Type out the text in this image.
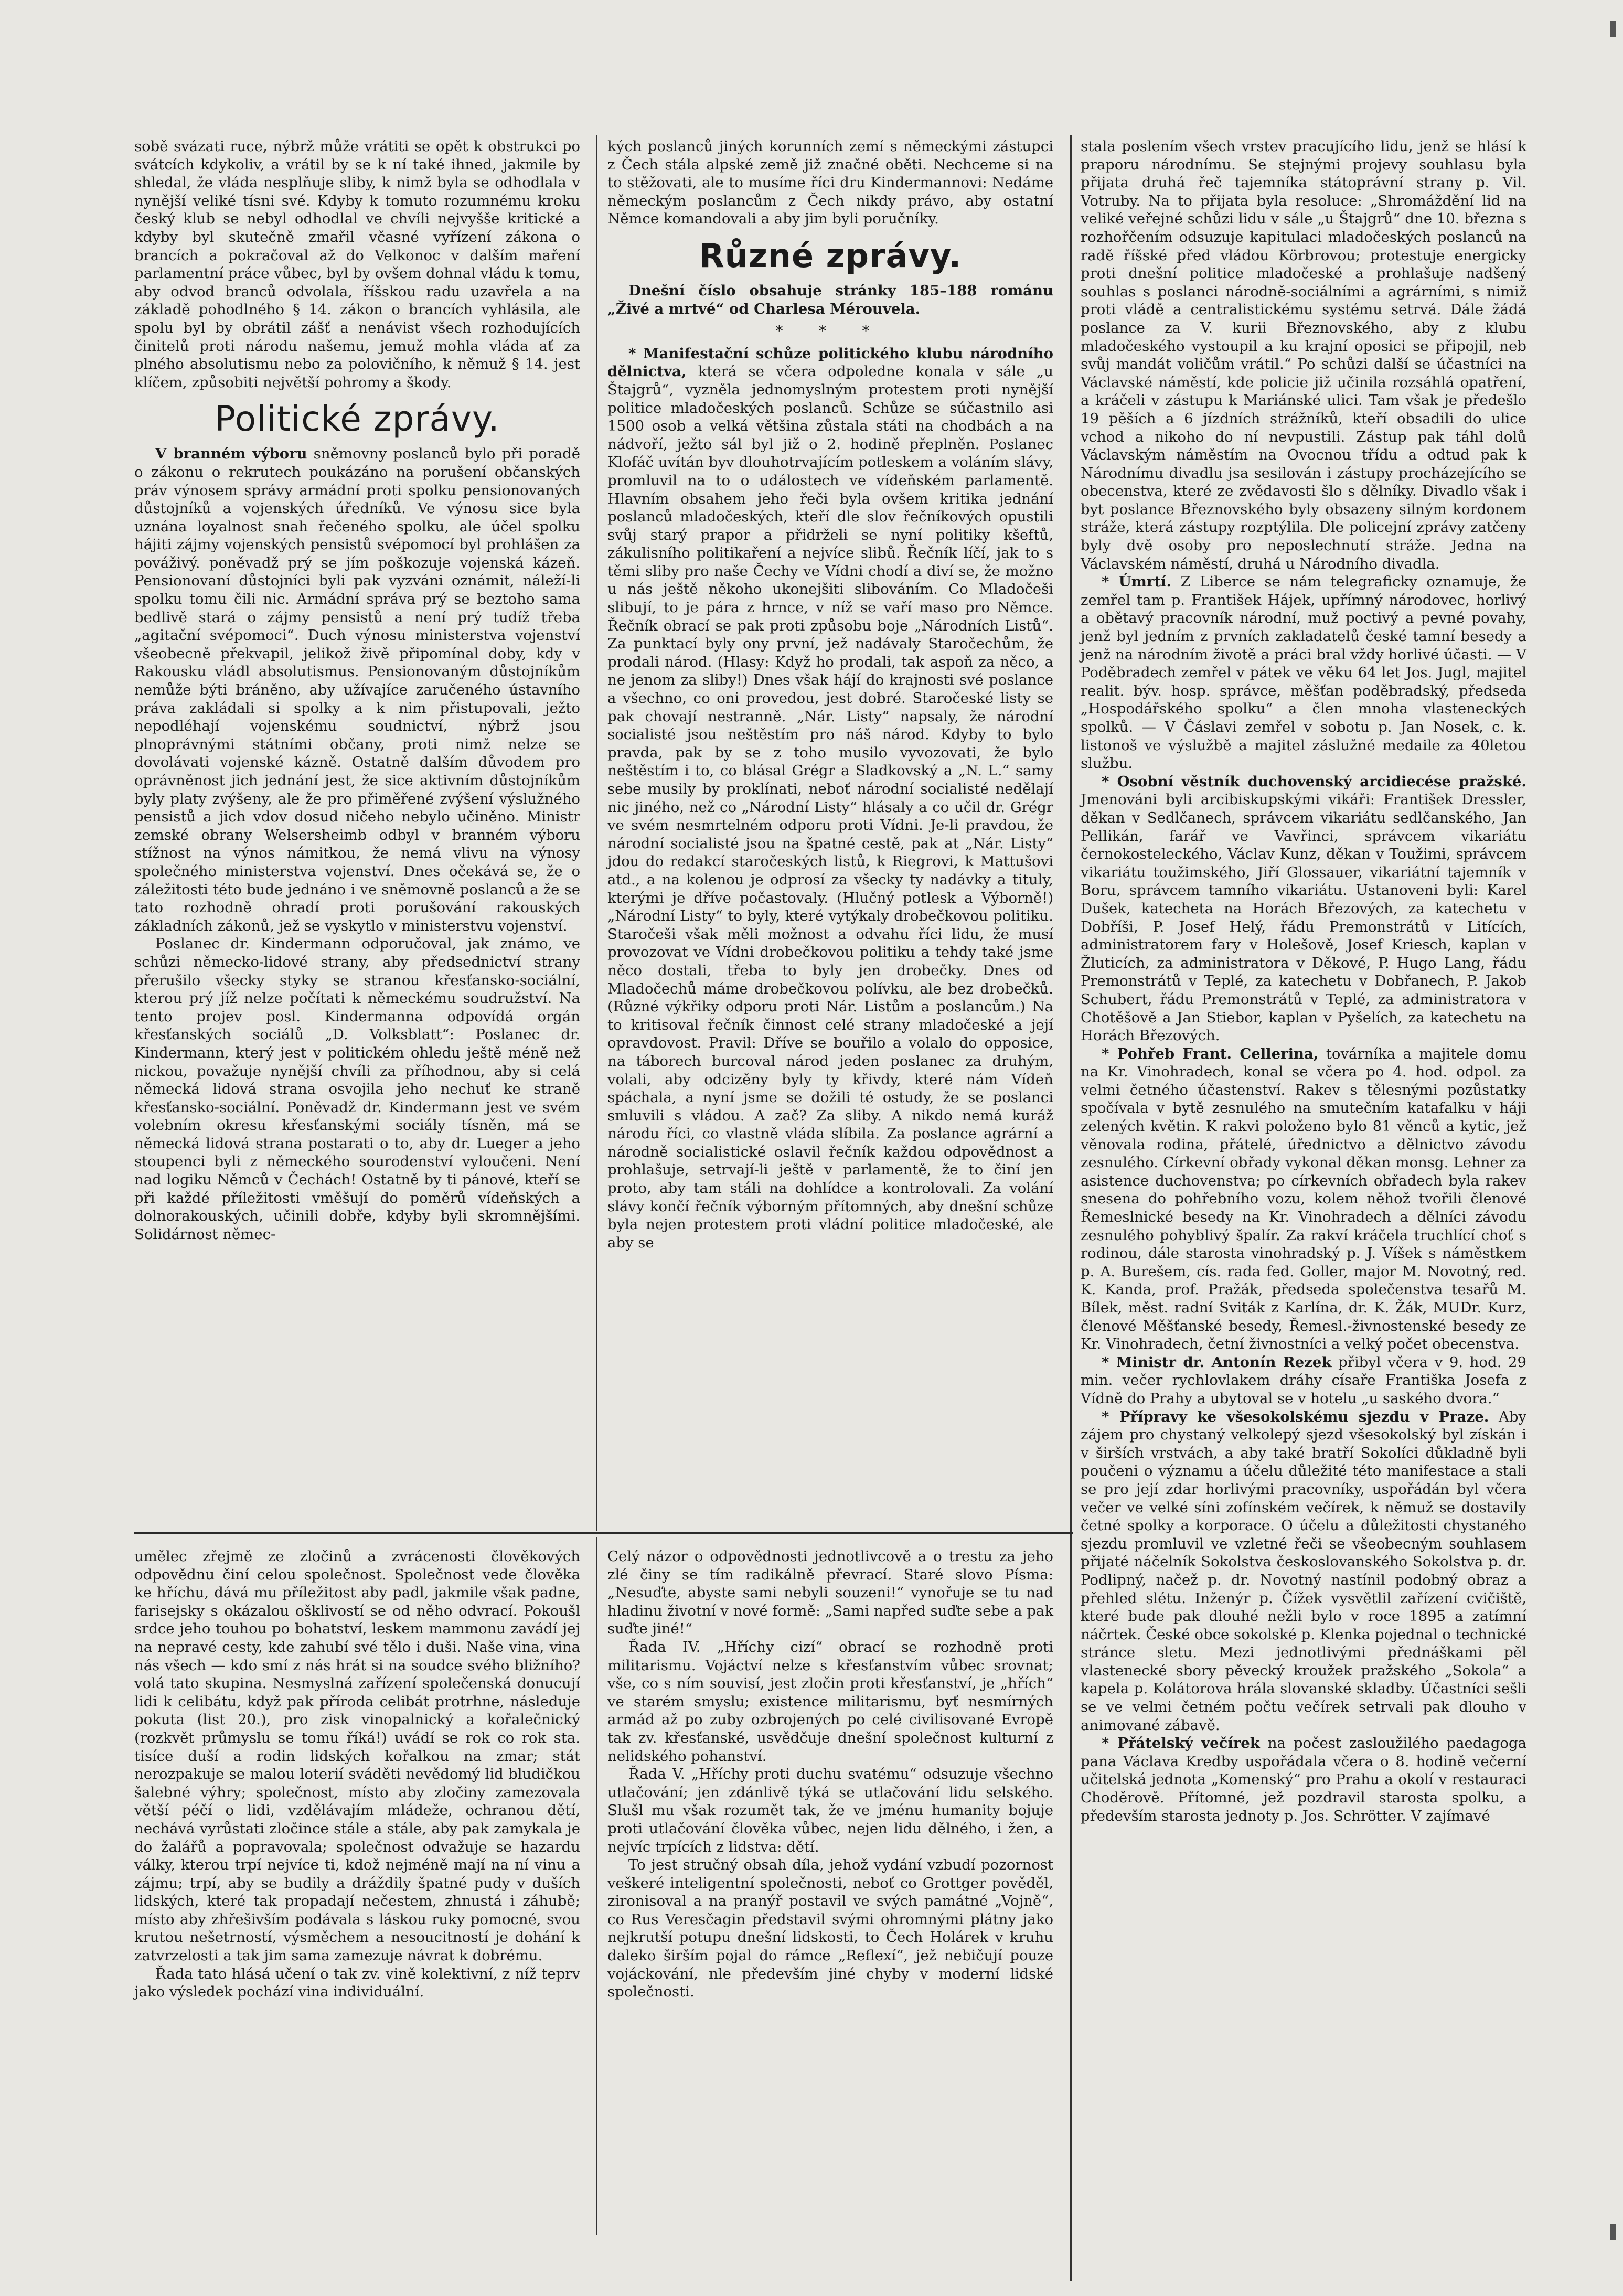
sobě svázati ruce, nýbrž může vrátiti se opět k obstrukci po svátcích kdykoliv, a vrátil by se k ní také ihned, jakmile by shledal, že vláda nesplňuje sliby, k nimž byla se odhodlala v nynější veliké tísni své. Kdyby k tomuto rozumnému kroku český klub se nebyl odhodlal ve chvíli nejvyšše kritické a kdyby byl skutečně zmařil včasné vyřízení zákona o brancích a pokračoval až do Velkonoc v dalším maření parlamentní práce vůbec, byl by ovšem dohnal vládu k tomu, aby odvod branců odvolala, říšskou radu uzavřela a na základě pohodlného § 14. zákon o brancích vyhlásila, ale spolu byl by obrátil zášť a nenávist všech rozhodujících činitelů proti národu našemu, jemuž mohla vláda ať za plného absolutismu nebo za polovičního, k němuž § 14. jest klíčem, způsobiti největší pohromy a škody.

Politické zprávy.

V branném výboru sněmovny poslanců bylo při poradě o zákonu o rekrutech poukázáno na porušení občanských práv výnosem správy armádní proti spolku pensionovaných důstojníků a vojenských úředníků. Ve výnosu sice byla uznána loyalnost snah řečeného spolku, ale účel spolku hájiti zájmy vojenských pensistů svépomocí byl prohlášen za pováživý. poněvadž prý se jím poškozuje vojenská kázeň. Pensionovaní důstojníci byli pak vyzváni oznámit, náleží-li spolku tomu čili nic. Armádní správa prý se beztoho sama bedlivě stará o zájmy pensistů a není prý tudíž třeba „agitační svépomoci“. Duch výnosu ministerstva vojenství všeobecně překvapil, jelikož živě připomínal doby, kdy v Rakousku vládl absolutismus. Pensionovaným důstojníkům nemůže býti bráněno, aby užívajíce zaručeného ústavního práva zakládali si spolky a k nim přistupovali, ježto nepodléhají vojenskému soudnictví, nýbrž jsou plnoprávnými státními občany, proti nimž nelze se dovolávati vojenské kázně. Ostatně dalším důvodem pro oprávněnost jich jednání jest, že sice aktivním důstojníkům byly platy zvýšeny, ale že pro přiměřené zvýšení výslužného pensistů a jich vdov dosud ničeho nebylo učiněno. Ministr zemské obrany Welsersheimb odbyl v branném výboru stížnost na výnos námitkou, že nemá vlivu na výnosy společného ministerstva vojenství. Dnes očekává se, že o záležitosti této bude jednáno i ve sněmovně poslanců a že se tato rozhodně ohradí proti porušování rakouských základních zákonů, jež se vyskytlo v ministerstvu vojenství.

Poslanec dr. Kindermann odporučoval, jak známo, ve schůzi německo-lidové strany, aby předsednictví strany přerušilo všecky styky se stranou křesťansko-sociální, kterou prý jíž nelze počítati k německému soudružství. Na tento projev posl. Kindermanna odpovídá orgán křesťanských sociálů „D. Volksblatt“: Poslanec dr. Kindermann, který jest v politickém ohledu ještě méně než nickou, považuje nynější chvíli za příhodnou, aby si celá německá lidová strana osvojila jeho nechuť ke straně křesťansko-sociální. Poněvadž dr. Kindermann jest ve svém volebním okresu křesťanskými sociály tísněn, má se německá lidová strana postarati o to, aby dr. Lueger a jeho stoupenci byli z německého sourodenství vyloučeni. Není nad logiku Němců v Čechách! Ostatně by ti pánové, kteří se při každé příležitosti vměšují do poměrů vídeňských a dolnorakouských, učinili dobře, kdyby byli skromnějšími. Solidárnost němec-

kých poslanců jiných korunních zemí s německými zástupci z Čech stála alpské země již značné oběti. Nechceme si na to stěžovati, ale to musíme říci dru Kindermannovi: Nedáme německým poslancům z Čech nikdy právo, aby ostatní Němce komandovali a aby jim byli poručníky.

Různé zprávy.

Dnešní číslo obsahuje stránky 185–188 románu „Živé a mrtvé“ od Charlesa Mérouvela.

* * *

* Manifestační schůze politického klubu národního dělnictva, která se včera odpoledne konala v sále „u Štajgrů“, vyzněla jednomyslným protestem proti nynější politice mladočeských poslanců. Schůze se súčastnilo asi 1500 osob a velká většina zůstala státi na chodbách a na nádvoří, ježto sál byl již o 2. hodině přeplněn. Poslanec Klofáč uvítán byv dlouhotrvajícím potleskem a voláním slávy, promluvil na to o událostech ve vídeňském parlamentě. Hlavním obsahem jeho řeči byla ovšem kritika jednání poslanců mladočeských, kteří dle slov řečníkových opustili svůj starý prapor a přidrželi se nyní politiky kšeftů, zákulisního politikaření a nejvíce slibů. Řečník líčí, jak to s těmi sliby pro naše Čechy ve Vídni chodí a diví se, že možno u nás ještě někoho ukonejšiti slibováním. Co Mladočeši slibují, to je pára z hrnce, v níž se vaří maso pro Němce. Řečník obrací se pak proti způsobu boje „Národních Listů“. Za punktací byly ony první, jež nadávaly Staročechům, že prodali národ. (Hlasy: Když ho prodali, tak aspoň za něco, a ne jenom za sliby!) Dnes však hájí do krajnosti své poslance a všechno, co oni provedou, jest dobré. Staročeské listy se pak chovají nestranně. „Nár. Listy“ napsaly, že národní socialisté jsou neštěstím pro náš národ. Kdyby to bylo pravda, pak by se z toho musilo vyvozovati, že bylo neštěstím i to, co blásal Grégr a Sladkovský a „N. L.“ samy sebe musily by proklínati, neboť národní socialisté nedělají nic jiného, než co „Národní Listy“ hlásaly a co učil dr. Grégr ve svém nesmrtelném odporu proti Vídni. Je-li pravdou, že národní socialisté jsou na špatné cestě, pak at „Nár. Listy“ jdou do redakcí staročeských listů, k Riegrovi, k Mattušovi atd., a na kolenou je odprosí za všecky ty nadávky a tituly, kterými je dříve počastovaly. (Hlučný potlesk a Výborně!) „Národní Listy“ to byly, které vytýkaly drobečkovou politiku. Staročeši však měli možnost a odvahu říci lidu, že musí provozovat ve Vídni drobečkovou politiku a tehdy také jsme něco dostali, třeba to byly jen drobečky. Dnes od Mladočechů máme drobečkovou polívku, ale bez drobečků. (Různé výkřiky odporu proti Nár. Listům a poslancům.) Na to kritisoval řečník činnost celé strany mladočeské a její opravdovost. Pravil: Dříve se bouřilo a volalo do opposice, na táborech burcoval národ jeden poslanec za druhým, volali, aby odcizěny byly ty křivdy, které nám Vídeň spáchala, a nyní jsme se dožili té ostudy, že se poslanci smluvili s vládou. A zač? Za sliby. A nikdo nemá kuráž národu říci, co vlastně vláda slíbila. Za poslance agrární a národně socialistické oslavil řečník každou odpovědnost a prohlašuje, setrvají-li ještě v parlamentě, že to činí jen proto, aby tam stáli na dohlídce a kontrolovali. Za volání slávy končí řečník výborným přítomných, aby dnešní schůze byla nejen protestem proti vládní politice mladočeské, ale aby se

stala poslením všech vrstev pracujícího lidu, jenž se hlásí k praporu národnímu. Se stejnými projevy souhlasu byla přijata druhá řeč tajemníka státoprávní strany p. Vil. Votruby. Na to přijata byla resoluce: „Shromáždění lid na veliké veřejné schůzi lidu v sále „u Štajgrů“ dne 10. března s rozhořčením odsuzuje kapitulaci mladočeských poslanců na radě říšské před vládou Körbrovou; protestuje energicky proti dnešní politice mladočeské a prohlašuje nadšený souhlas s poslanci národně-sociálními a agrárními, s nimiž proti vládě a centralistickému systému setrvá. Dále žádá poslance za V. kurii Březnovského, aby z klubu mladočeského vystoupil a ku krajní oposici se připojil, neb svůj mandát voličům vrátil.“ Po schůzi další se účastníci na Václavské náměstí, kde policie již učinila rozsáhlá opatření, a kráčeli v zástupu k Mariánské ulici. Tam však je předešlo 19 pěších a 6 jízdních strážníků, kteří obsadili do ulice vchod a nikoho do ní nevpustili. Zástup pak táhl dolů Václavským náměstím na Ovocnou třídu a odtud pak k Národnímu divadlu jsa sesilován i zástupy procházejícího se obecenstva, které ze zvědavosti šlo s dělníky. Divadlo však i byt poslance Březnovského byly obsazeny silným kordonem stráže, která zástupy rozptýlila. Dle policejní zprávy zatčeny byly dvě osoby pro neposlechnutí stráže. Jedna na Václavském náměstí, druhá u Národního divadla.

* Úmrtí. Z Liberce se nám telegraficky oznamuje, že zemřel tam p. František Hájek, upřímný národovec, horlivý a obětavý pracovník národní, muž poctivý a pevné povahy, jenž byl jedním z prvních zakladatelů české tamní besedy a jenž na národním životě a práci bral vždy horlivé účasti. — V Poděbradech zemřel v pátek ve věku 64 let Jos. Jugl, majitel realit. býv. hosp. správce, měšťan poděbradský, předseda „Hospodářského spolku“ a člen mnoha vlasteneckých spolků. — V Čáslavi zemřel v sobotu p. Jan Nosek, c. k. listonoš ve výslužbě a majitel záslužné medaile za 40letou službu.

* Osobní věstník duchovenský arcidiecése pražské. Jmenováni byli arcibiskupskými vikáři: František Dressler, děkan v Sedlčanech, správcem vikariátu sedlčanského, Jan Pellikán, farář ve Vavřinci, správcem vikariátu černokosteleckého, Václav Kunz, děkan v Toužimi, správcem vikariátu toužimského, Jiří Glossauer, vikariátní tajemník v Boru, správcem tamního vikariátu. Ustanoveni byli: Karel Dušek, katecheta na Horách Březových, za katechetu v Dobříši, P. Josef Helý, řádu Premonstrátů v Litících, administratorem fary v Holešově, Josef Kriesch, kaplan v Žluticích, za administratora v Děkové, P. Hugo Lang, řádu Premonstrátů v Teplé, za katechetu v Dobřanech, P. Jakob Schubert, řádu Premonstrátů v Teplé, za administratora v Chotěšově a Jan Stiebor, kaplan v Pyšelích, za katechetu na Horách Březových.

* Pohřeb Frant. Cellerina, továrníka a majitele domu na Kr. Vinohradech, konal se včera po 4. hod. odpol. za velmi četného účastenství. Rakev s tělesnými pozůstatky spočívala v bytě zesnulého na smutečním katafalku v háji zelených květin. K rakvi položeno bylo 81 věnců a kytic, jež věnovala rodina, přátelé, úřednictvo a dělnictvo závodu zesnulého. Církevní obřady vykonal děkan monsg. Lehner za asistence duchovenstva; po církevních obřadech byla rakev snesena do pohřebního vozu, kolem něhož tvořili členové Řemeslnické besedy na Kr. Vinohradech a dělníci závodu zesnulého pohyblivý špalír. Za rakví kráčela truchlící choť s rodinou, dále starosta vinohradský p. J. Víšek s náměstkem p. A. Burešem, cís. rada fed. Goller, major M. Novotný, red. K. Kanda, prof. Pražák, předseda společenstva tesařů M. Bílek, měst. radní Sviták z Karlína, dr. K. Žák, MUDr. Kurz, členové Měšťanské besedy, Řemesl.-živnostenské besedy ze Kr. Vinohradech, četní živnostníci a velký počet obecenstva.

* Ministr dr. Antonín Rezek přibyl včera v 9. hod. 29 min. večer rychlovlakem dráhy císaře Františka Josefa z Vídně do Prahy a ubytoval se v hotelu „u saského dvora.“

* Přípravy ke všesokolskému sjezdu v Praze. Aby zájem pro chystaný velkolepý sjezd všesokolský byl získán i v širších vrstvách, a aby také bratří Sokolíci důkladně byli poučeni o významu a účelu důležité této manifestace a stali se pro její zdar horlivými pracovníky, uspořádán byl včera večer ve velké síni zofínském večírek, k němuž se dostavily četné spolky a korporace. O účelu a důležitosti chystaného sjezdu promluvil ve vzletné řeči se všeobecným souhlasem přijaté náčelník Sokolstva českoslovanského Sokolstva p. dr. Podlipný, načež p. dr. Novotný nastínil podobný obraz a přehled slétu. Inženýr p. Čížek vysvětlil zařízení cvičiště, které bude pak dlouhé nežli bylo v roce 1895 a zatímní náčrtek. České obce sokolské p. Klenka pojednal o technické stránce sletu. Mezi jednotlivými přednáškami pěl vlastenecké sbory pěvecký kroužek pražského „Sokola“ a kapela p. Kolátorova hrála slovanské skladby. Účastníci sešli se ve velmi četném počtu večírek setrvali pak dlouho v animované zábavě.

* Přátelský večírek na počest zasloužilého paedagoga pana Václava Kredby uspořádala včera o 8. hodině večerní učitelská jednota „Komenský“ pro Prahu a okolí v restauraci Choděrově. Přítomné, jež pozdravil starosta spolku, a především starosta jednoty p. Jos. Schrötter. V zajímavé

umělec zřejmě ze zločinů a zvrácenosti člověkových odpovědnu činí celou společnost. Společnost vede člověka ke hříchu, dává mu příležitost aby padl, jakmile však padne, farisejsky s okázalou ošklivostí se od něho odvrací. Pokoušl srdce jeho touhou po bohatství, leskem mammonu zavádí jej na nepravé cesty, kde zahubí své tělo i duši. Naše vina, vina nás všech — kdo smí z nás hrát si na soudce svého bližního? volá tato skupina. Nesmyslná zařízení společenská donucují lidi k celibátu, když pak příroda celibát protrhne, následuje pokuta (list 20.), pro zisk vinopalnický a kořalečnický (rozkvět průmyslu se tomu říká!) uvádí se rok co rok sta. tisíce duší a rodin lidských kořalkou na zmar; stát nerozpakuje se malou loterií sváděti nevědomý lid bludičkou šalebné výhry; společnost, místo aby zločiny zamezovala větší péčí o lidi, vzdělávajím mládeže, ochranou dětí, nechává vyrůstati zločince stále a stále, aby pak zamykala je do žalářů a popravovala; společnost odvažuje se hazardu války, kterou trpí nejvíce ti, kdož nejméně mají na ní vinu a zájmu; trpí, aby se budily a dráždily špatné pudy v duších lidských, které tak propadají nečestem, zhnustá i záhubě; místo aby zhřešivším podávala s láskou ruky pomocné, svou krutou nešetrností, výsměchem a nesoucitností je dohání k zatvrzelosti a tak jim sama zamezuje návrat k dobrému.

Řada tato hlásá učení o tak zv. vině kolektivní, z níž teprv jako výsledek pochází vina individuální.

Celý názor o odpovědnosti jednotlivcově a o trestu za jeho zlé činy se tím radikálně převrací. Staré slovo Písma: „Nesuďte, abyste sami nebyli souzeni!“ vynořuje se tu nad hladinu životní v nové formě: „Sami napřed suďte sebe a pak suďte jiné!“

Řada IV. „Hříchy cizí“ obrací se rozhodně proti militarismu. Vojáctví nelze s křesťanstvím vůbec srovnat; vše, co s ním souvisí, jest zločin proti křesťanství, je „hřích“ ve starém smyslu; existence militarismu, byť nesmírných armád až po zuby ozbrojených po celé civilisované Evropě tak zv. křesťanské, usvědčuje dnešní společnost kulturní z nelidského pohanství.

Řada V. „Hříchy proti duchu svatému“ odsuzuje všechno utlačování; jen zdánlivě týká se utlačování lidu selského. Slušl mu však rozumět tak, že ve jménu humanity bojuje proti utlačování člověka vůbec, nejen lidu dělného, i žen, a nejvíc trpících z lidstva: dětí.

To jest stručný obsah díla, jehož vydání vzbudí pozornost veškeré inteligentní společnosti, neboť co Grottger pověděl, zironisoval a na pranýř postavil ve svých památné „Vojně“, co Rus Veresčagin představil svými ohromnými plátny jako nejkrutší potupu dnešní lidskosti, to Čech Holárek v kruhu daleko širším pojal do rámce „Reflexí“, jež nebičují pouze vojáckování, nle především jiné chyby v moderní lidské společnosti.
